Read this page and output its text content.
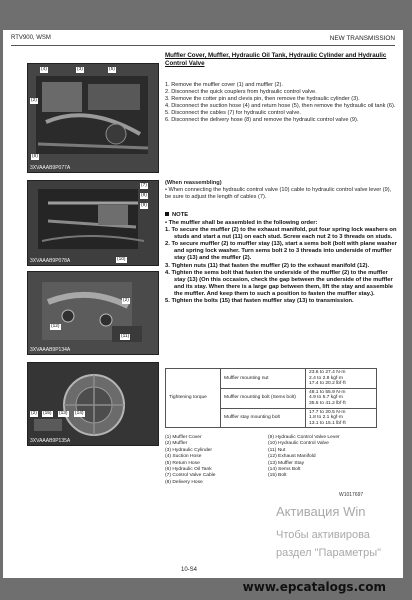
RTV900, WSM	NEW TRANSMISSION
(4)	(3)	(5)
(2)
(6)
3XVAAAB9P077A
(7)
(8)
(9)
(10)
3XVAAAB9P078A
(2)
(12)
(11)
3XVAAAB9P134A
(2) (15) (13) (14)
3XVAAAB9P135A
Muffler Cover, Muffler, Hydraulic Oil Tank, Hydraulic Cylinder and Hydraulic Control Valve
1. Remove the muffler cover (1) and muffler (2).
2. Disconnect the quick couplers from hydraulic control valve.
3. Remove the cotter pin and clevis pin, then remove the hydraulic cylinder (3).
4. Disconnect the suction hose (4) and return hose (5), then remove the hydraulic oil tank (6).
5. Disconnect the cables (7) for hydraulic control valve.
6. Disconnect the delivery hose (8) and remove the hydraulic control valve (9).
(When reassembling)
• When connecting the hydraulic control valve (10) cable to hydraulic control valve lever (9), be sure to adjust the length of cables (7).
NOTE
• The muffler shall be assembled in the following order:
1. To secure the muffler (2) to the exhaust manifold, put four spring lock washers on studs and start a nut (11) on each stud. Screw each nut 2 to 3 threads on studs.
2. To secure muffler (2) to muffler stay (13), start a sems bolt (bolt with plane washer and spring lock washer. Turn sems bolt 2 to 3 threads into underside of muffler stay (13) and the muffler (2).
3. Tighten nuts (11) that fasten the muffler (2) to the exhaust manifold (12).
4. Tighten the sems bolt that fasten the underside of the muffler (2) to the muffler stay (13) (On this occasion, check the gap between the underside of the muffler and its stay. When there is a large gap between them, lift the stay and assemble the muffler. And keep them to such a position to fasten the muffler stay.).
5. Tighten the bolts (15) that fasten muffler stay (13) to transmission.
Tightening torque	Muffler mounting nut	23.6 to 27.4 N·m
2.4 to 2.8 kgf·m
17.4 to 20.2 lbf·ft

	Muffler mounting bolt (Sems bolt)	48.1 to 55.9 N·m
4.9 to 5.7 kgf·m
35.5 to 41.2 lbf·ft

	Muffler stay mounting bolt	17.7 to 20.5 N·m
1.8 to 2.1 kgf·m
13.1 to 15.1 lbf·ft
(1) Muffler Cover
(2) Muffler
(3) Hydraulic Cylinder
(4) Suction Hose
(5) Return Hose
(6) Hydraulic Oil Tank
(7) Control Valve Cable
(8) Delivery Hose
(9) Hydraulic Control Valve Lever
(10) Hydraulic Control Valve
(11) Nut
(12) Exhaust Manifold
(13) Muffler Stay
(14) Sems Bolt
(15) Bolt
W1017697
10-S4
Активация Win
Чтобы активирова
раздел "Параметры"
www.epcatalogs.com
